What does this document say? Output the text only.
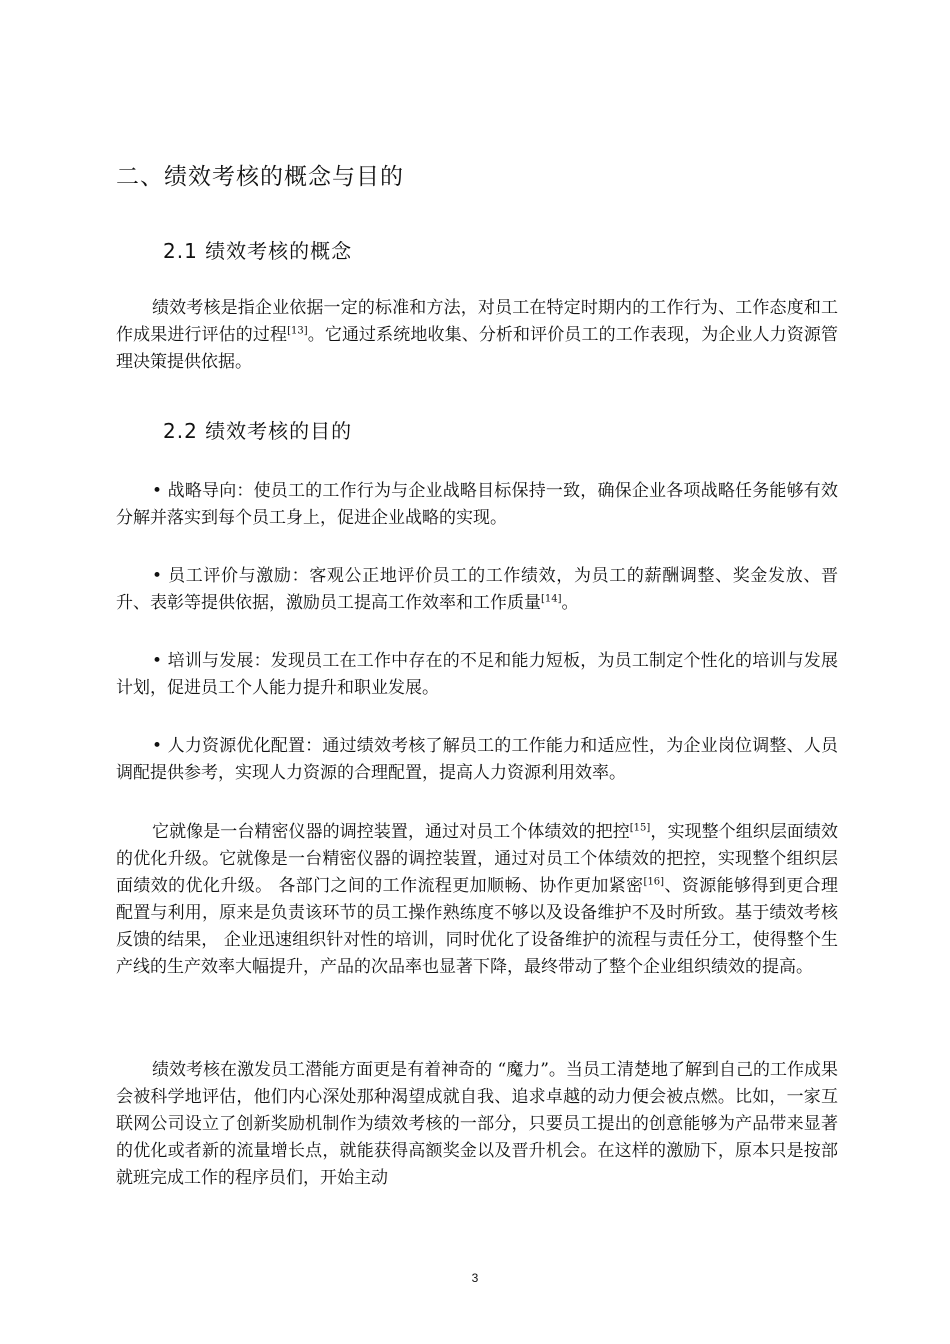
二、绩效考核的概念与目的
2.1 绩效考核的概念

绩效考核是指企业依据一定的标准和方法，对员工在特定时期内的工作行为、工作态度和工作成果进行评估的过程[13]。它通过系统地收集、分析和评价员工的工作表现，为企业人力资源管理决策提供依据。

2.2 绩效考核的目的

• 战略导向：使员工的工作行为与企业战略目标保持一致，确保企业各项战略任务能够有效分解并落实到每个员工身上，促进企业战略的实现。

• 员工评价与激励：客观公正地评价员工的工作绩效，为员工的薪酬调整、奖金发放、晋升、表彰等提供依据，激励员工提高工作效率和工作质量[14]。

• 培训与发展：发现员工在工作中存在的不足和能力短板，为员工制定个性化的培训与发展计划，促进员工个人能力提升和职业发展。

• 人力资源优化配置：通过绩效考核了解员工的工作能力和适应性，为企业岗位调整、人员调配提供参考，实现人力资源的合理配置，提高人力资源利用效率。

它就像是一台精密仪器的调控装置，通过对员工个体绩效的把控[15]，实现整个组织层面绩效的优化升级。它就像是一台精密仪器的调控装置，通过对员工个体绩效的把控，实现整个组织层面绩效的优化升级。 各部门之间的工作流程更加顺畅、协作更加紧密[16]、资源能够得到更合理配置与利用，原来是负责该环节的员工操作熟练度不够以及设备维护不及时所致。基于绩效考核反馈的结果， 企业迅速组织针对性的培训，同时优化了设备维护的流程与责任分工，使得整个生产线的生产效率大幅提升，产品的次品率也显著下降，最终带动了整个企业组织绩效的提高。

绩效考核在激发员工潜能方面更是有着神奇的 “魔力”。当员工清楚地了解到自己的工作成果会被科学地评估，他们内心深处那种渴望成就自我、追求卓越的动力便会被点燃。比如，一家互联网公司设立了创新奖励机制作为绩效考核的一部分，只要员工提出的创意能够为产品带来显著的优化或者新的流量增长点，就能获得高额奖金以及晋升机会。在这样的激励下，原本只是按部就班完成工作的程序员们，开始主动

3
